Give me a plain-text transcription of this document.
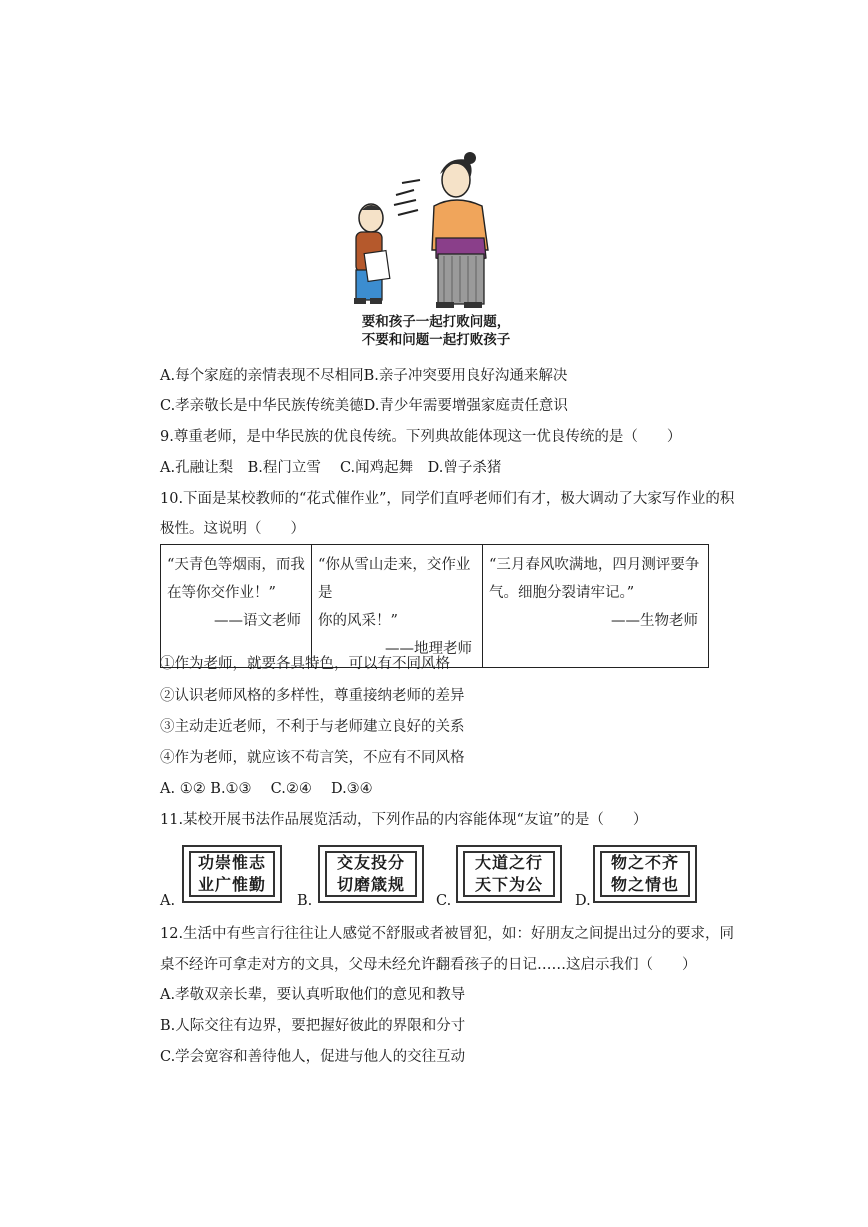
要和孩子一起打败问题，
不要和问题一起打败孩子
A.每个家庭的亲情表现不尽相同B.亲子冲突要用良好沟通来解决
C.孝亲敬长是中华民族传统美德D.青少年需要增强家庭责任意识
9.尊重老师，是中华民族的优良传统。下列典故能体现这一优良传统的是（　　）
A.孔融让梨　B.程门立雪　 C.闻鸡起舞　D.曾子杀猪
10.下面是某校教师的“花式催作业”，同学们直呼老师们有才，极大调动了大家写作业的积
极性。这说明（　　）
“天青色等烟雨，而我
在等你交作业！”
——语文老师

“你从雪山走来，交作业是
你的风采！”
——地理老师

“三月春风吹满地，四月测评要争
气。细胞分裂请牢记。”
——生物老师
①作为老师，就要各具特色，可以有不同风格
②认识老师风格的多样性，尊重接纳老师的差异
③主动走近老师，不利于与老师建立良好的关系
④作为老师，就应该不苟言笑，不应有不同风格
A. ①② B.①③　 C.②④　 D.③④
11.某校开展书法作品展览活动，下列作品的内容能体现“友谊”的是（　　）
A.
功崇惟志
业广惟勤
B.
交友投分
切磨箴规
C.
大道之行
天下为公
D.
物之不齐
物之情也
12.生活中有些言行往往让人感觉不舒服或者被冒犯，如：好朋友之间提出过分的要求，同
桌不经许可拿走对方的文具，父母未经允许翻看孩子的日记……这启示我们（　　）
A.孝敬双亲长辈，要认真听取他们的意见和教导
B.人际交往有边界，要把握好彼此的界限和分寸
C.学会宽容和善待他人，促进与他人的交往互动
